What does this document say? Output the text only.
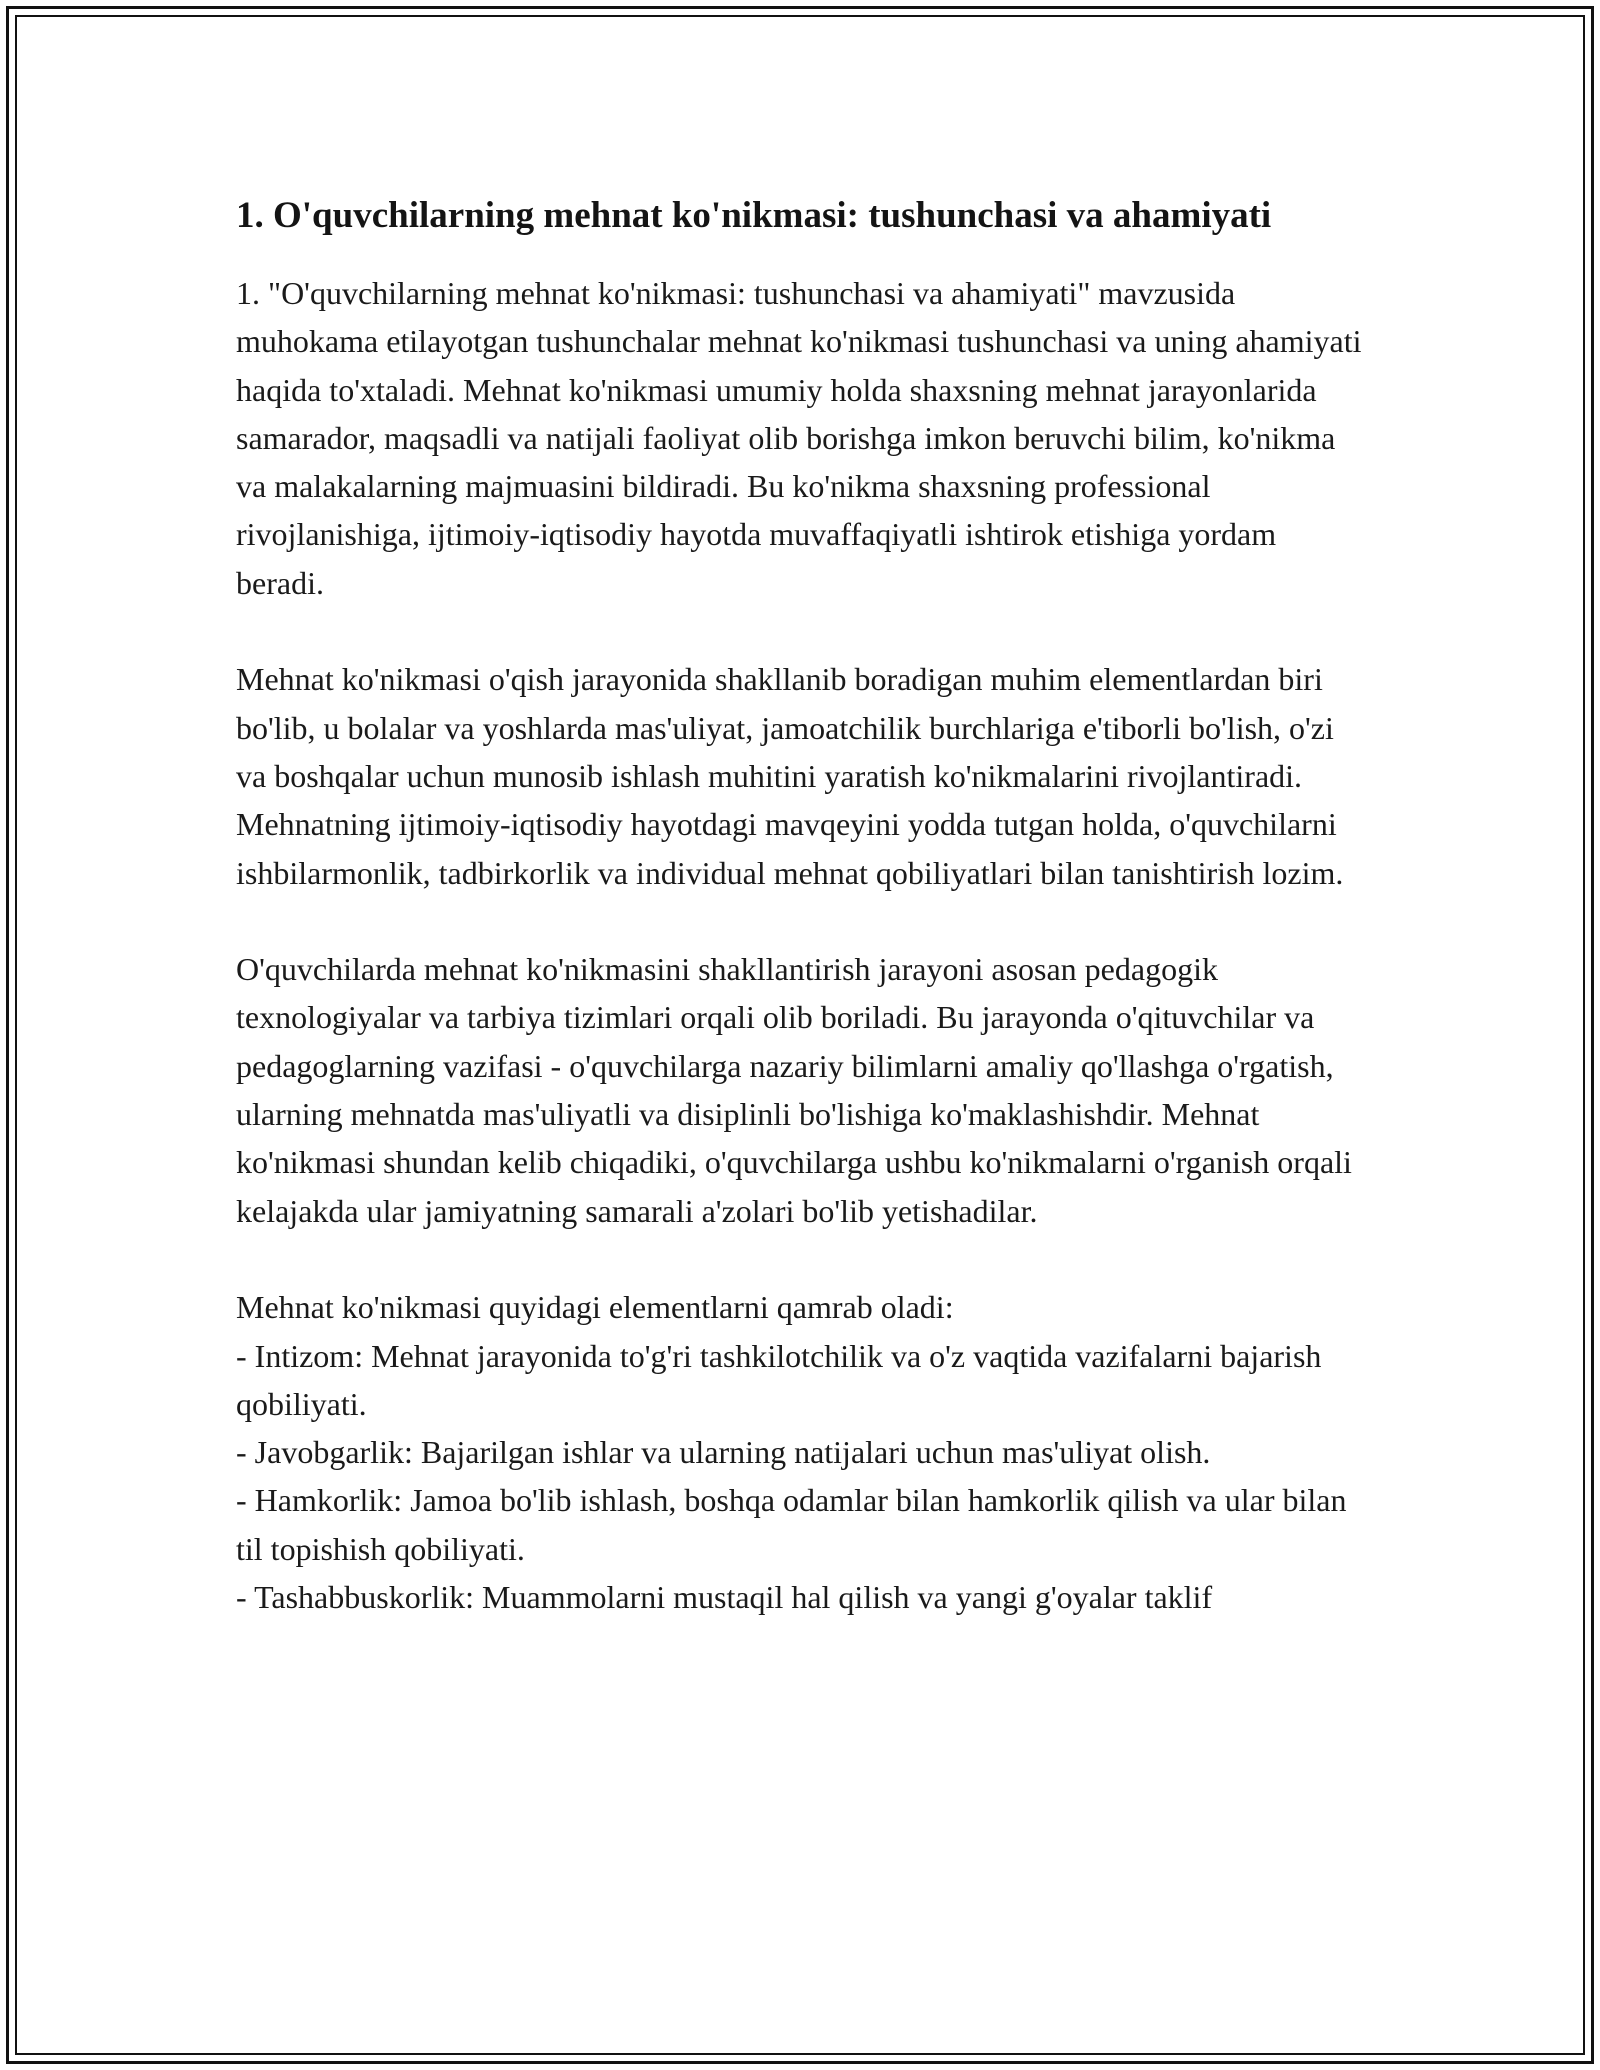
1. O'quvchilarning mehnat ko'nikmasi: tushunchasi va ahamiyati

1. "O'quvchilarning mehnat ko'nikmasi: tushunchasi va ahamiyati" mavzusida muhokama etilayotgan tushunchalar mehnat ko'nikmasi tushunchasi va uning ahamiyati haqida to'xtaladi. Mehnat ko'nikmasi umumiy holda shaxsning mehnat jarayonlarida samarador, maqsadli va natijali faoliyat olib borishga imkon beruvchi bilim, ko'nikma va malakalarning majmuasini bildiradi. Bu ko'nikma shaxsning professional rivojlanishiga, ijtimoiy-iqtisodiy hayotda muvaffaqiyatli ishtirok etishiga yordam beradi.

Mehnat ko'nikmasi o'qish jarayonida shakllanib boradigan muhim elementlardan biri bo'lib, u bolalar va yoshlarda mas'uliyat, jamoatchilik burchlariga e'tiborli bo'lish, o'zi va boshqalar uchun munosib ishlash muhitini yaratish ko'nikmalarini rivojlantiradi. Mehnatning ijtimoiy-iqtisodiy hayotdagi mavqeyini yodda tutgan holda, o'quvchilarni ishbilarmonlik, tadbirkorlik va individual mehnat qobiliyatlari bilan tanishtirish lozim.

O'quvchilarda mehnat ko'nikmasini shakllantirish jarayoni asosan pedagogik texnologiyalar va tarbiya tizimlari orqali olib boriladi. Bu jarayonda o'qituvchilar va pedagoglarning vazifasi - o'quvchilarga nazariy bilimlarni amaliy qo'llashga o'rgatish, ularning mehnatda mas'uliyatli va disiplinli bo'lishiga ko'maklashishdir. Mehnat ko'nikmasi shundan kelib chiqadiki, o'quvchilarga ushbu ko'nikmalarni o'rganish orqali kelajakda ular jamiyatning samarali a'zolari bo'lib yetishadilar.

Mehnat ko'nikmasi quyidagi elementlarni qamrab oladi:

- Intizom: Mehnat jarayonida to'g'ri tashkilotchilik va o'z vaqtida vazifalarni bajarish qobiliyati.

- Javobgarlik: Bajarilgan ishlar va ularning natijalari uchun mas'uliyat olish.

- Hamkorlik: Jamoa bo'lib ishlash, boshqa odamlar bilan hamkorlik qilish va ular bilan til topishish qobiliyati.

- Tashabbuskorlik: Muammolarni mustaqil hal qilish va yangi g'oyalar taklif
